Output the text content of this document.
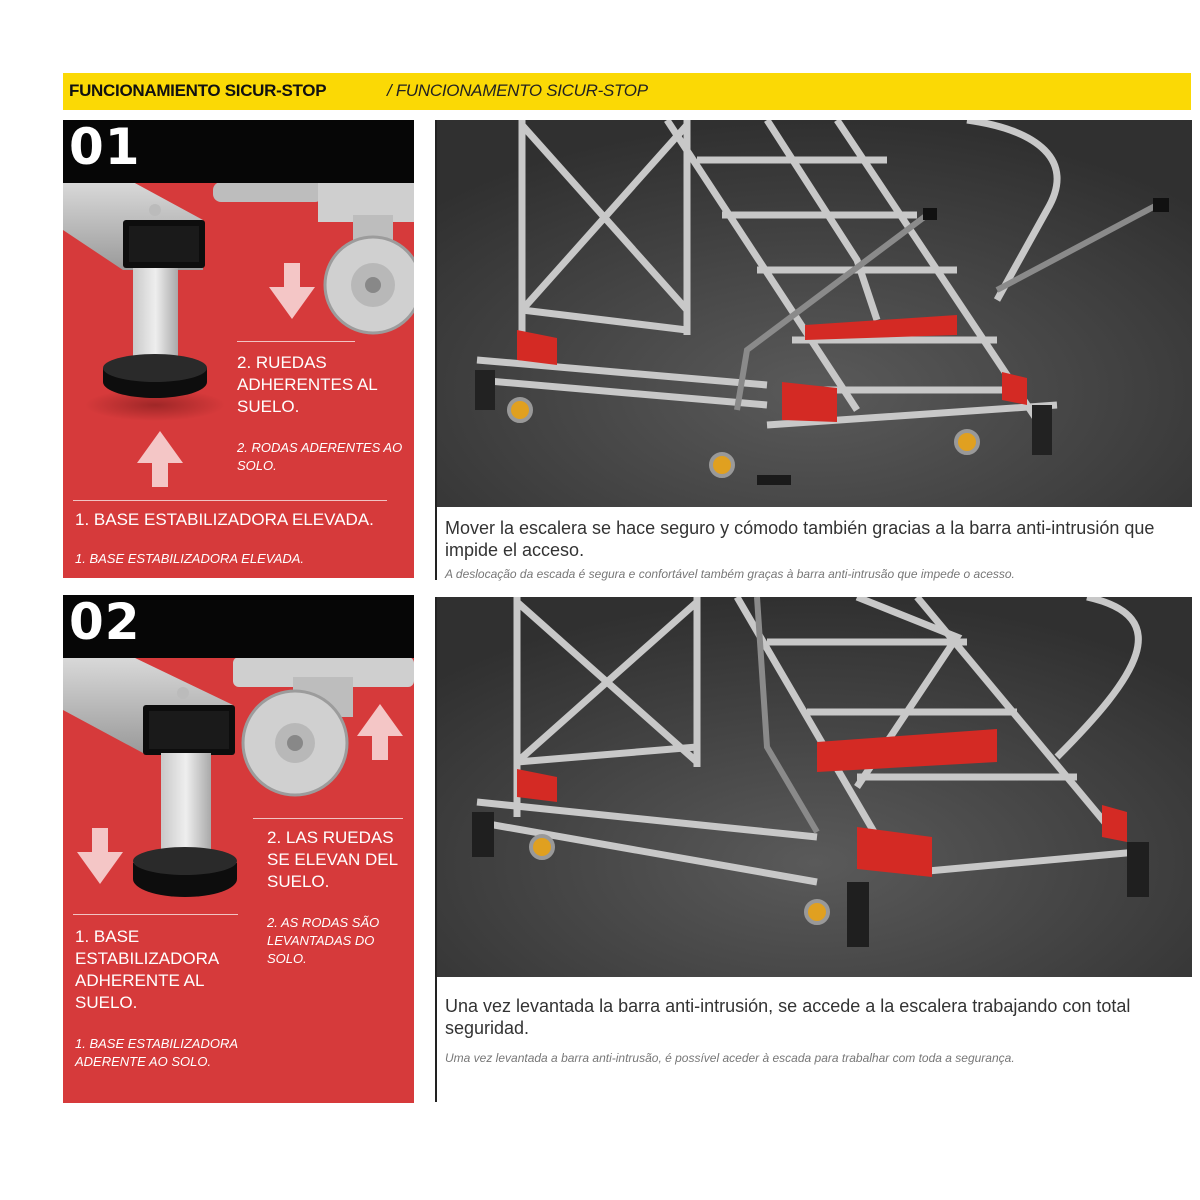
FUNCIONAMIENTO SICUR-STOP	/ FUNCIONAMENTO SICUR-STOP
01
2. RUEDAS ADHERENTES AL SUELO.
2. RODAS ADERENTES AO SOLO.
1. BASE ESTABILIZADORA ELEVADA.
1. BASE ESTABILIZADORA ELEVADA.
Mover la escalera se hace seguro y cómodo también gracias a la barra anti-intrusión que impide el acceso.
A deslocação da escada é segura e confortável também graças à barra anti-intrusão que impede o acesso.
02
2. LAS RUEDAS SE ELEVAN DEL SUELO.
2. AS RODAS SÃO LEVANTADAS DO SOLO.
1. BASE ESTABILIZADORA ADHERENTE AL SUELO.
1. BASE ESTABILIZADORA ADERENTE AO SOLO.
Una vez levantada la barra anti-intrusión, se accede a la escalera trabajando con total seguridad.
Uma vez levantada a barra anti-intrusão, é possível aceder à escada para trabalhar com toda a segurança.
